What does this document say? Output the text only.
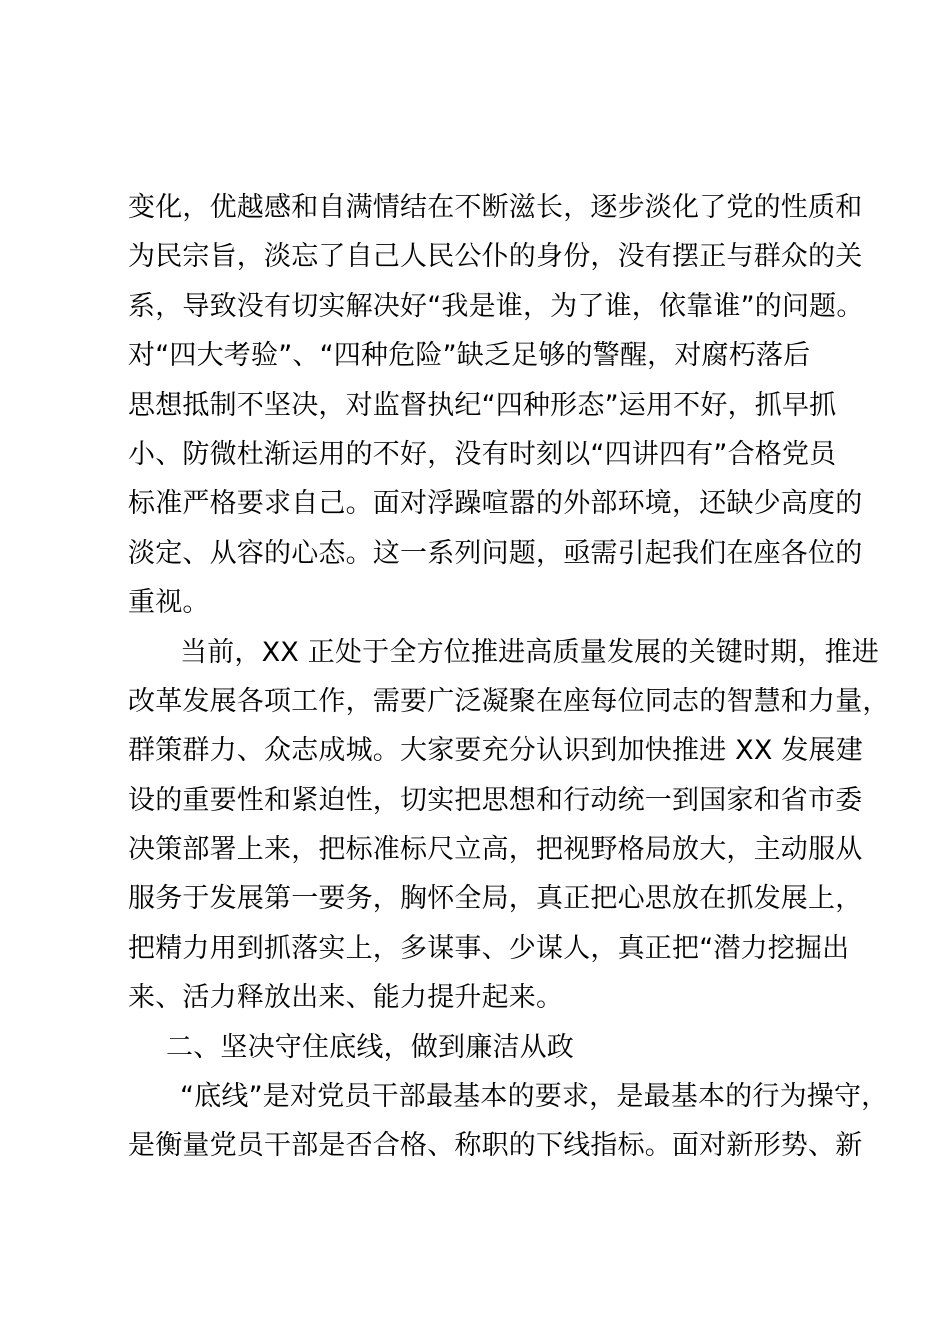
变化，优越感和自满情结在不断滋长，逐步淡化了党的性质和
为民宗旨，淡忘了自己人民公仆的身份，没有摆正与群众的关
系，导致没有切实解决好“我是谁，为了谁，依靠谁”的问题。
对“四大考验”、“四种危险”缺乏足够的警醒，对腐朽落后
思想抵制不坚决，对监督执纪“四种形态”运用不好，抓早抓
小、防微杜渐运用的不好，没有时刻以“四讲四有”合格党员
标准严格要求自己。面对浮躁喧嚣的外部环境，还缺少高度的
淡定、从容的心态。这一系列问题，亟需引起我们在座各位的
重视。
当前，XX 正处于全方位推进高质量发展的关键时期，推进
改革发展各项工作，需要广泛凝聚在座每位同志的智慧和力量，
群策群力、众志成城。大家要充分认识到加快推进 XX 发展建
设的重要性和紧迫性，切实把思想和行动统一到国家和省市委
决策部署上来，把标准标尺立高，把视野格局放大，主动服从
服务于发展第一要务，胸怀全局，真正把心思放在抓发展上，
把精力用到抓落实上，多谋事、少谋人，真正把“潜力挖掘出
来、活力释放出来、能力提升起来。
二、坚决守住底线，做到廉洁从政
“底线”是对党员干部最基本的要求，是最基本的行为操守，
是衡量党员干部是否合格、称职的下线指标。面对新形势、新
